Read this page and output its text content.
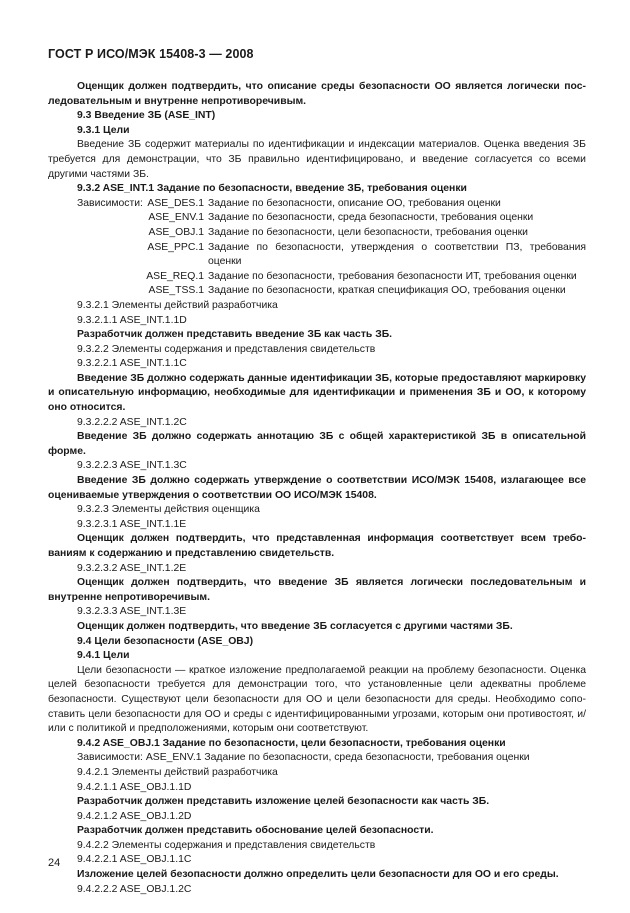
ГОСТ Р ИСО/МЭК 15408-3 — 2008

Оценщик должен подтвердить, что описание среды безопасности ОО является логически последовательным и внутренне непротиворечивым.

9.3 Введение ЗБ (ASE_INT)

9.3.1 Цели

Введение ЗБ содержит материалы по идентификации и индексации материалов. Оценка введения ЗБ требуется для демонстрации, что ЗБ правильно идентифицировано, и введение согласуется со всеми другими частями ЗБ.

9.3.2 ASE_INT.1 Задание по безопасности, введение ЗБ, требования оценки

Зависимости: ASE_DES.1 Задание по безопасности, описание ОО, требования оценки
ASE_ENV.1 Задание по безопасности, среда безопасности, требования оценки
ASE_OBJ.1 Задание по безопасности, цели безопасности, требования оценки
ASE_PPC.1 Задание по безопасности, утверждения о соответствии ПЗ, требования оценки
ASE_REQ.1 Задание по безопасности, требования безопасности ИТ, требования оценки
ASE_TSS.1 Задание по безопасности, краткая спецификация ОО, требования оценки

9.3.2.1 Элементы действий разработчика

9.3.2.1.1 ASE_INT.1.1D

Разработчик должен представить введение ЗБ как часть ЗБ.

9.3.2.2 Элементы содержания и представления свидетельств

9.3.2.2.1 ASE_INT.1.1C

Введение ЗБ должно содержать данные идентификации ЗБ, которые предоставляют маркировку и описательную информацию, необходимые для идентификации и применения ЗБ и ОО, к которому оно относится.

9.3.2.2.2 ASE_INT.1.2C

Введение ЗБ должно содержать аннотацию ЗБ с общей характеристикой ЗБ в описательной форме.

9.3.2.2.3 ASE_INT.1.3C

Введение ЗБ должно содержать утверждение о соответствии ИСО/МЭК 15408, излагающее все оцениваемые утверждения о соответствии ОО ИСО/МЭК 15408.

9.3.2.3 Элементы действия оценщика

9.3.2.3.1 ASE_INT.1.1E

Оценщик должен подтвердить, что представленная информация соответствует всем требованиям к содержанию и представлению свидетельств.

9.3.2.3.2 ASE_INT.1.2E

Оценщик должен подтвердить, что введение ЗБ является логически последовательным и внутренне непротиворечивым.

9.3.2.3.3 ASE_INT.1.3E

Оценщик должен подтвердить, что введение ЗБ согласуется с другими частями ЗБ.

9.4 Цели безопасности (ASE_OBJ)

9.4.1 Цели

Цели безопасности — краткое изложение предполагаемой реакции на проблему безопасности. Оценка целей безопасности требуется для демонстрации того, что установленные цели адекватны проблеме безопасности. Существуют цели безопасности для ОО и цели безопасности для среды. Необходимо сопоставить цели безопасности для ОО и среды с идентифицированными угрозами, которым они противостоят, и/или с политикой и предположениями, которым они соответствуют.

9.4.2 ASE_OBJ.1 Задание по безопасности, цели безопасности, требования оценки

Зависимости: ASE_ENV.1 Задание по безопасности, среда безопасности, требования оценки

9.4.2.1 Элементы действий разработчика

9.4.2.1.1 ASE_OBJ.1.1D

Разработчик должен представить изложение целей безопасности как часть ЗБ.

9.4.2.1.2 ASE_OBJ.1.2D

Разработчик должен представить обоснование целей безопасности.

9.4.2.2 Элементы содержания и представления свидетельств

9.4.2.2.1 ASE_OBJ.1.1C

Изложение целей безопасности должно определить цели безопасности для ОО и его среды.

9.4.2.2.2 ASE_OBJ.1.2C

24
